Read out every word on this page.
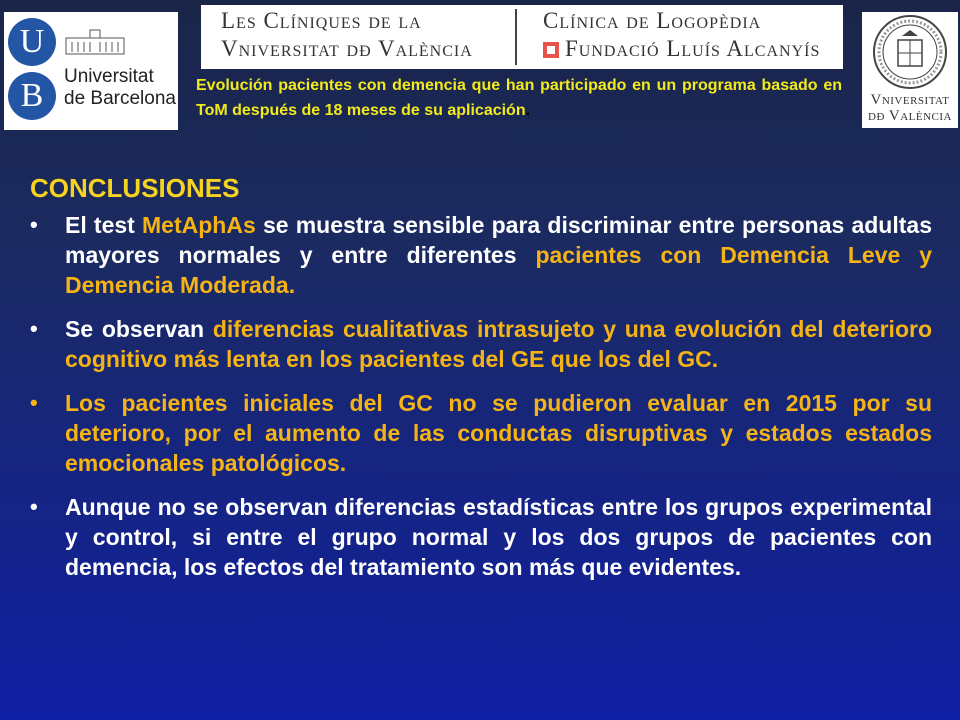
U
B
Universitat
de Barcelona
Les Clíniques de la
Vniversitat dð València
Clínica de Logopèdia
Fundació Lluís Alcanyís
Evolución pacientes con demencia que han participado en un programa basado en ToM después de 18 meses de su aplicación.
Vniversitat
dð València
CONCLUSIONES
• El test MetAphAs se muestra sensible para discriminar entre personas adultas mayores normales y entre diferentes pacientes con Demencia Leve y Demencia Moderada.
• Se observan diferencias cualitativas intrasujeto y una evolución del deterioro cognitivo más lenta en los pacientes del GE que los del GC.
• Los pacientes iniciales del GC no se pudieron evaluar en 2015 por su deterioro, por el aumento de las conductas disruptivas y estados estados emocionales patológicos.
• Aunque no se observan diferencias estadísticas entre los grupos experimental y control, si entre el grupo normal y los dos grupos de pacientes con demencia, los efectos del tratamiento son más que evidentes.
